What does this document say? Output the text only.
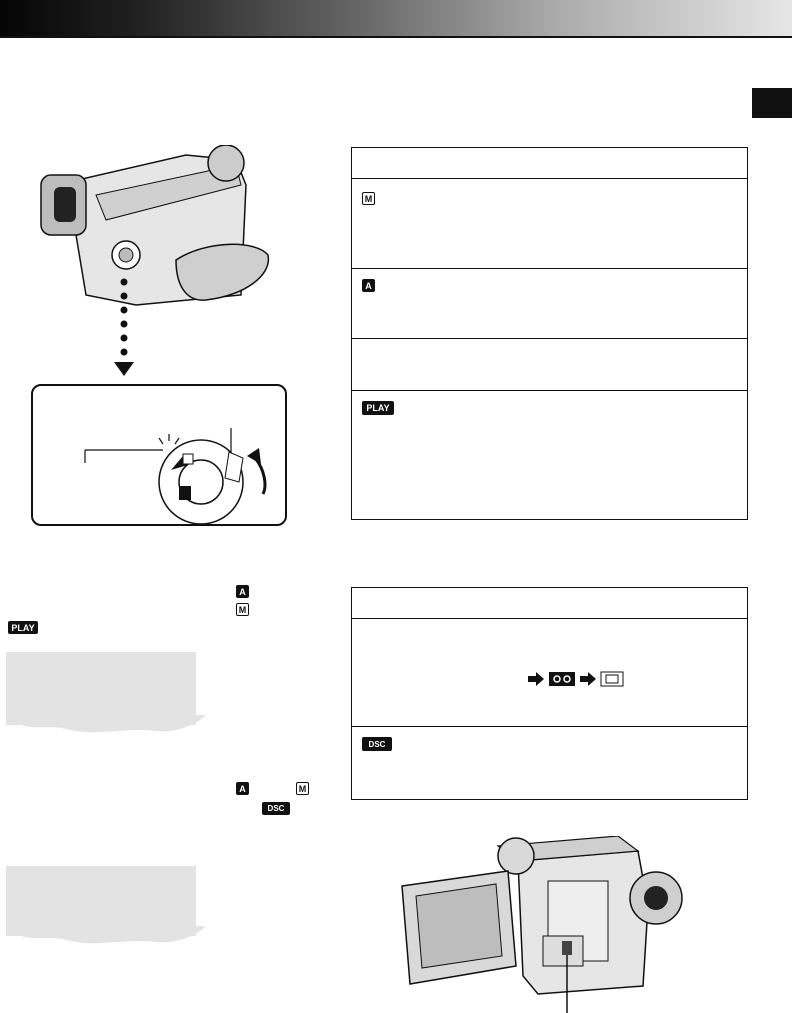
A
M
PLAY
A	M
DSC
M
A
PLAY
DSC
